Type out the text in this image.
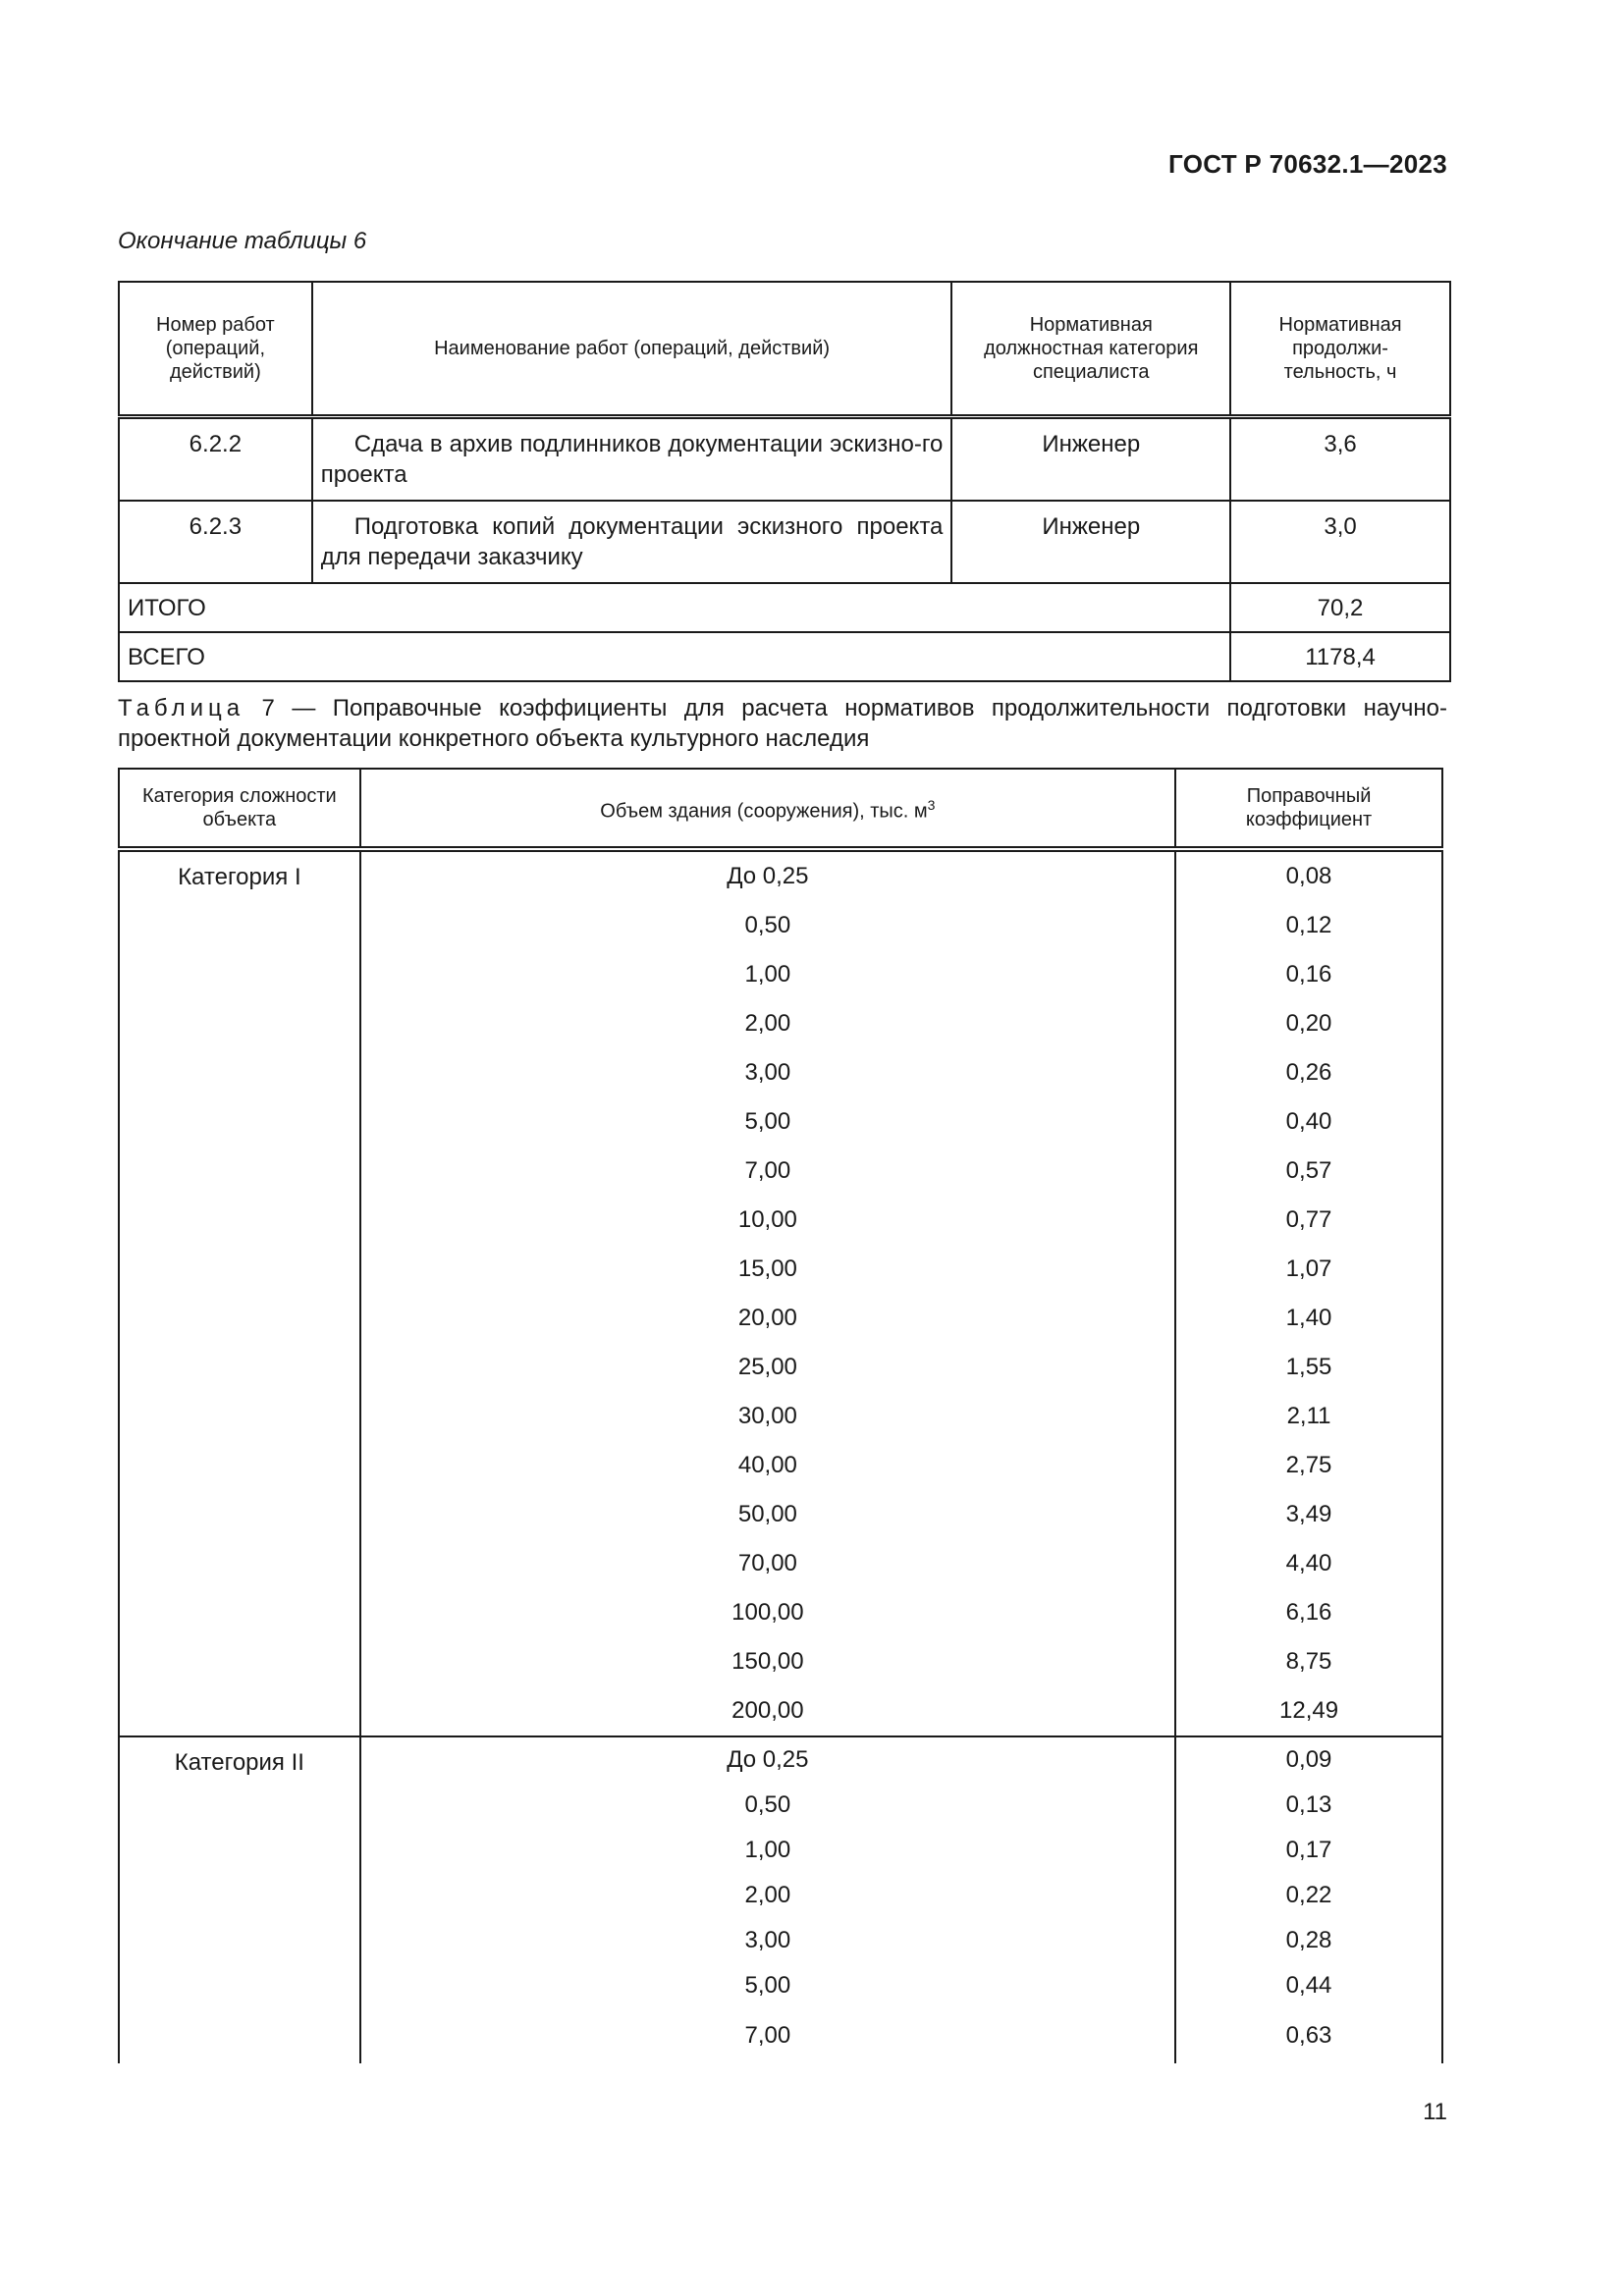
ГОСТ Р 70632.1—2023
Окончание таблицы 6
Номер работ (операций, действий)	Наименование работ (операций, действий)	Нормативная должностная категория специалиста	Нормативная продолжи-тельность, ч
6.2.2	Сдача в архив подлинников документации эскизно-го проекта	Инженер	3,6
6.2.3	Подготовка копий документации эскизного проекта для передачи заказчику	Инженер	3,0
ИТОГО			70,2
ВСЕГО			1178,4
Таблица 7 — Поправочные коэффициенты для расчета нормативов продолжительности подготовки научно-проектной документации конкретного объекта культурного наследия
Категория сложности объекта	Объем здания (сооружения), тыс. $м^3$	Поправочный коэффициент
Категория I	До 0,25	0,08
	0,50	0,12
	1,00	0,16
	2,00	0,20
	3,00	0,26
	5,00	0,40
	7,00	0,57
	10,00	0,77
	15,00	1,07
	20,00	1,40
	25,00	1,55
	30,00	2,11
	40,00	2,75
	50,00	3,49
	70,00	4,40
	100,00	6,16
	150,00	8,75
	200,00	12,49
Категория II	До 0,25	0,09
	0,50	0,13
	1,00	0,17
	2,00	0,22
	3,00	0,28
	5,00	0,44
	7,00	0,63
11
